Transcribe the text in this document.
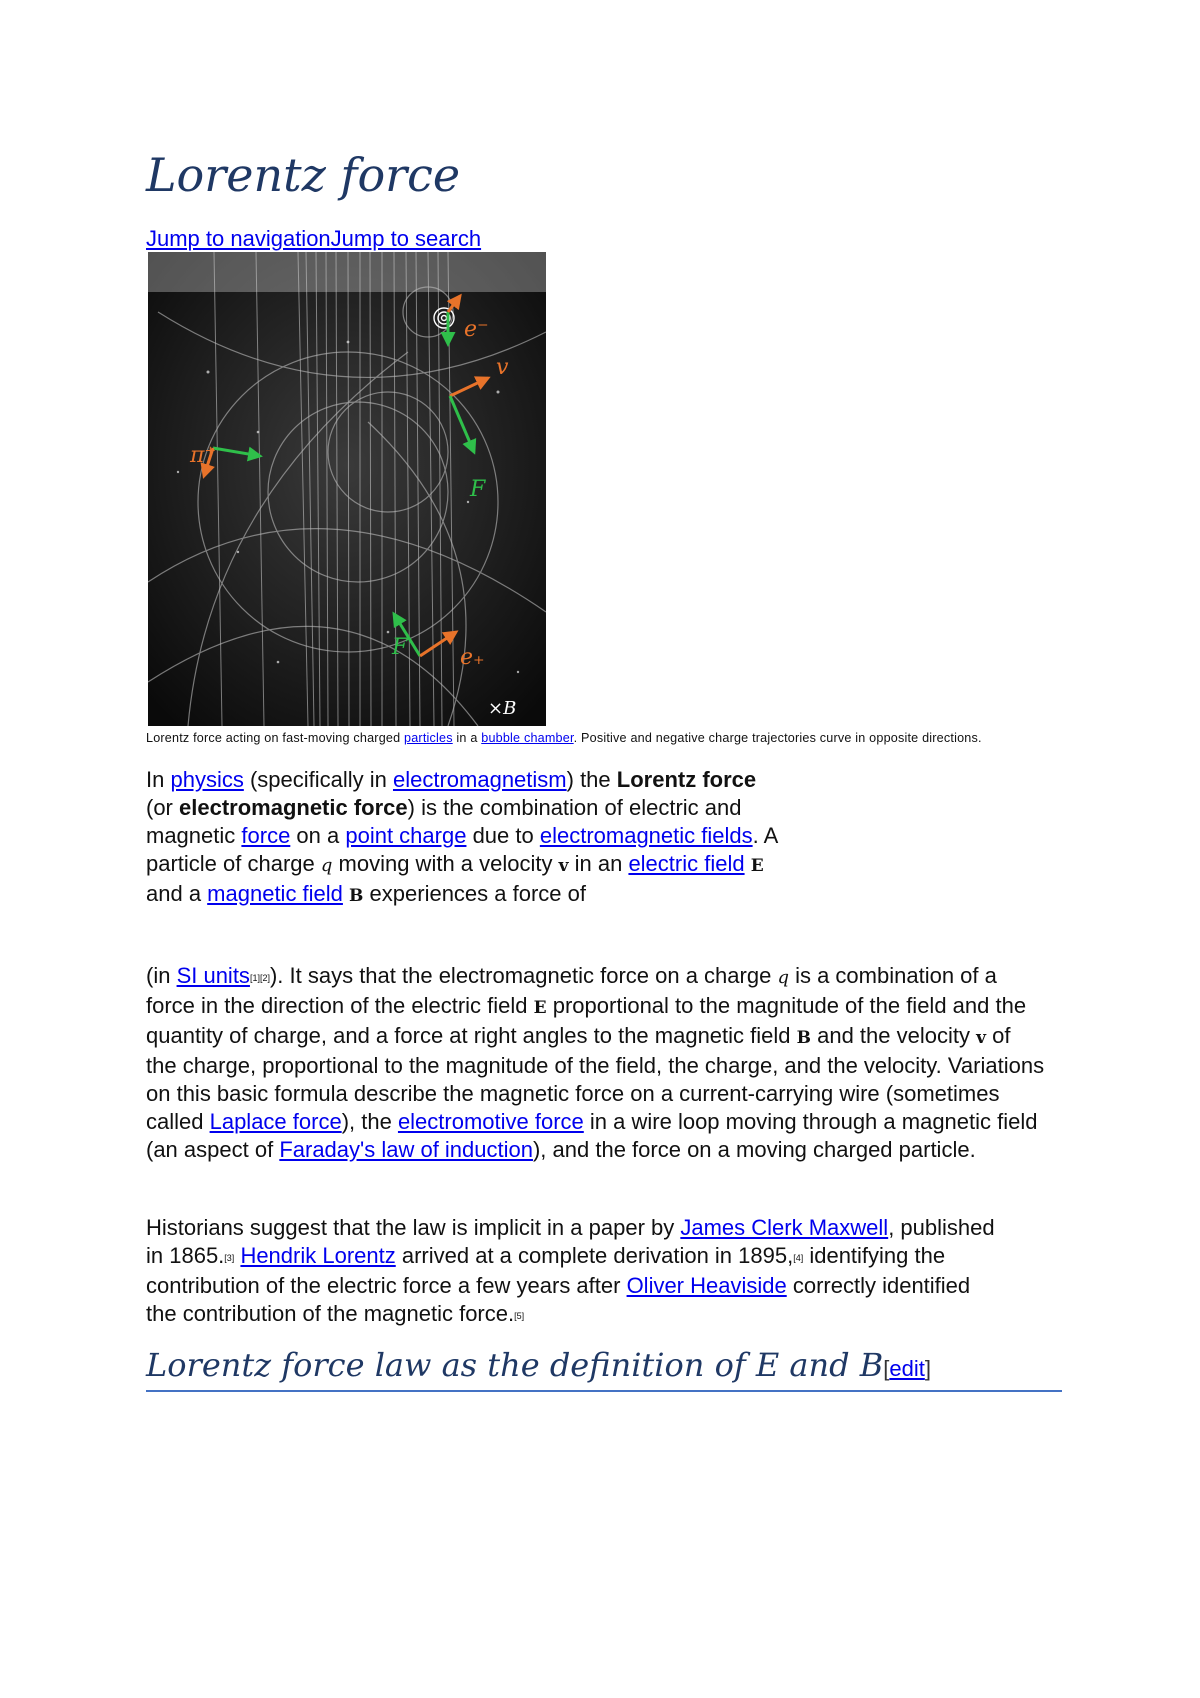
Lorentz force
Jump to navigationJump to search
e⁻
v
π⁺
F
F e₊
×B
Lorentz force acting on fast-moving charged particles in a bubble chamber. Positive and negative charge trajectories curve in opposite directions.

In physics (specifically in electromagnetism) the Lorentz force (or electromagnetic force) is the combination of electric and magnetic force on a point charge due to electromagnetic fields. A particle of charge q moving with a velocity v in an electric field E and a magnetic field B experiences a force of

(in SI units[1][2]). It says that the electromagnetic force on a charge q is a combination of a force in the direction of the electric field E proportional to the magnitude of the field and the quantity of charge, and a force at right angles to the magnetic field B and the velocity v of the charge, proportional to the magnitude of the field, the charge, and the velocity. Variations on this basic formula describe the magnetic force on a current-carrying wire (sometimes called Laplace force), the electromotive force in a wire loop moving through a magnetic field (an aspect of Faraday's law of induction), and the force on a moving charged particle.

Historians suggest that the law is implicit in a paper by James Clerk Maxwell, published in 1865.[3] Hendrik Lorentz arrived at a complete derivation in 1895,[4] identifying the contribution of the electric force a few years after Oliver Heaviside correctly identified the contribution of the magnetic force.[5]

Lorentz force law as the definition of E and B[edit]
